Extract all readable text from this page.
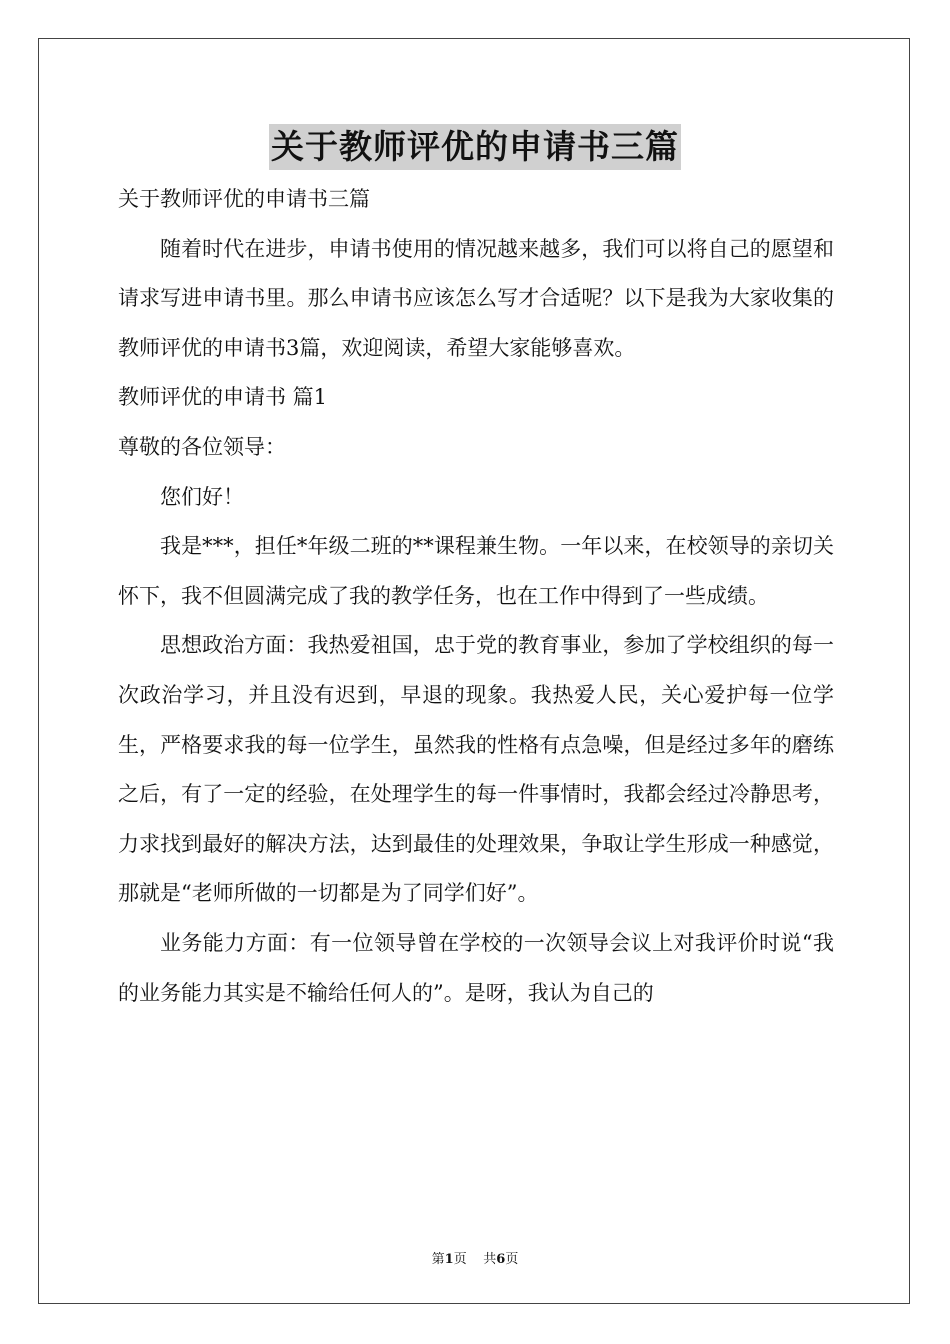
关于教师评优的申请书三篇

关于教师评优的申请书三篇

随着时代在进步，申请书使用的情况越来越多，我们可以将自己的愿望和请求写进申请书里。那么申请书应该怎么写才合适呢？以下是我为大家收集的教师评优的申请书3篇，欢迎阅读，希望大家能够喜欢。

教师评优的申请书 篇1

尊敬的各位领导：

您们好！

我是***，担任*年级二班的**课程兼生物。一年以来，在校领导的亲切关怀下，我不但圆满完成了我的教学任务，也在工作中得到了一些成绩。

思想政治方面：我热爱祖国，忠于党的教育事业，参加了学校组织的每一次政治学习，并且没有迟到，早退的现象。我热爱人民，关心爱护每一位学生，严格要求我的每一位学生，虽然我的性格有点急噪，但是经过多年的磨练之后，有了一定的经验，在处理学生的每一件事情时，我都会经过冷静思考，力求找到最好的解决方法，达到最佳的处理效果，争取让学生形成一种感觉，那就是“老师所做的一切都是为了同学们好”。

业务能力方面：有一位领导曾在学校的一次领导会议上对我评价时说“我的业务能力其实是不输给任何人的”。是呀，我认为自己的

第1页 共6页
